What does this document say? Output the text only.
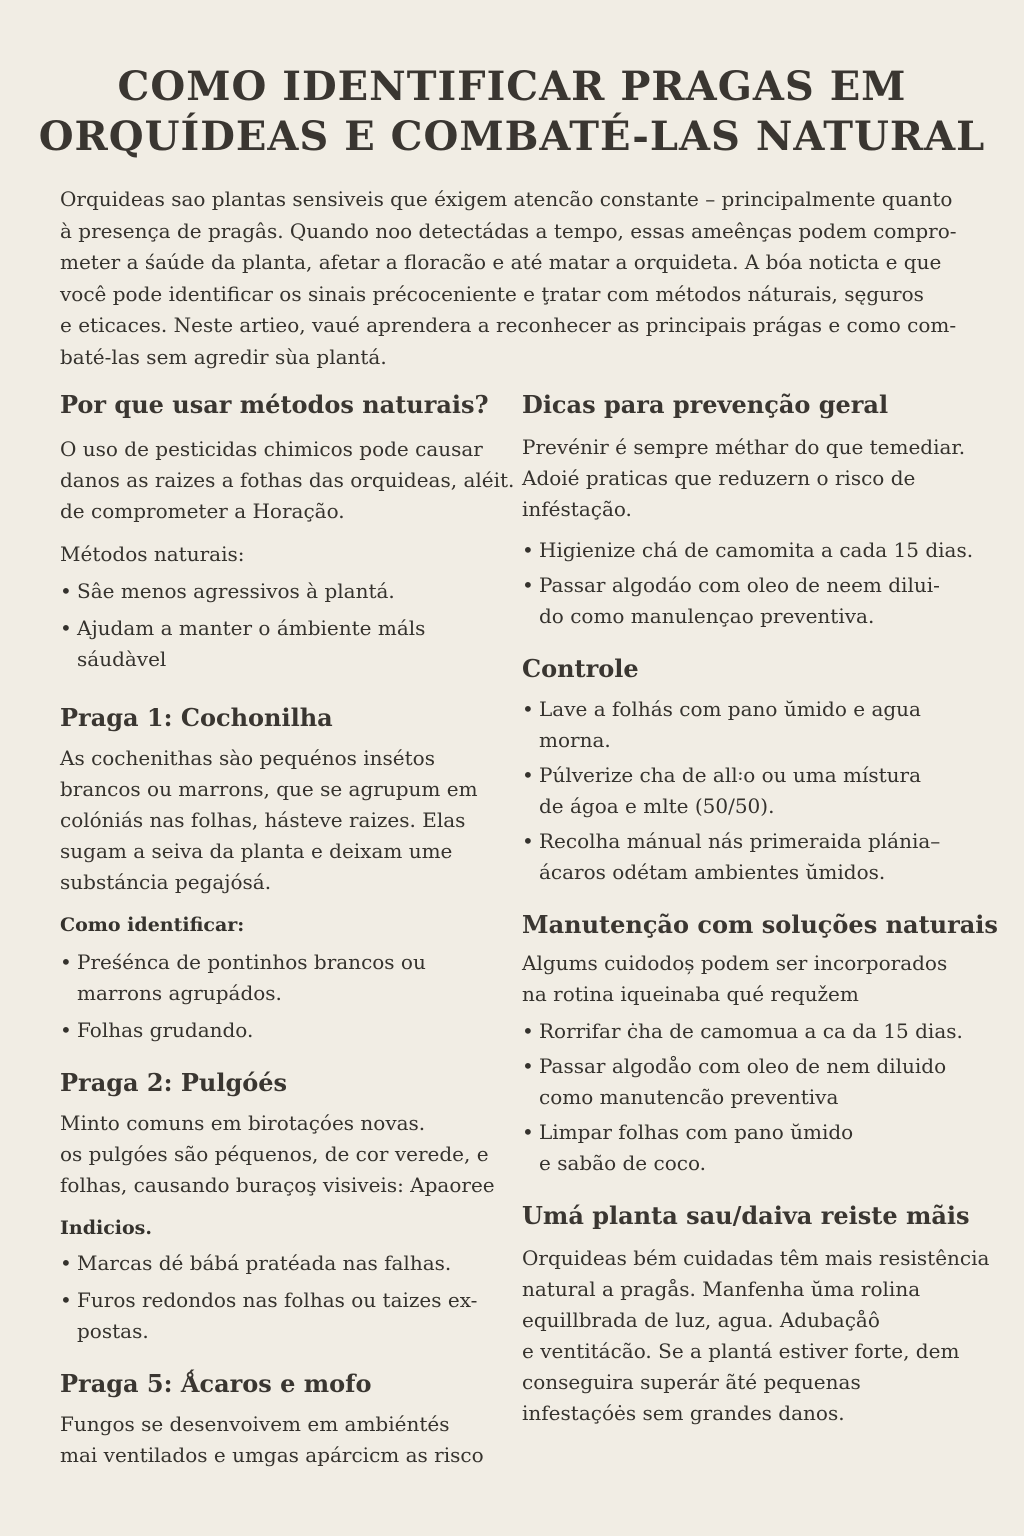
COMO IDENTIFICAR PRAGAS EM
ORQUÍDEAS E COMBATÉ-LAS NATURAL
Orquideas sao plantas sensiveis que éxigem atencão constante – principalmente quanto
à presença de pragâs. Quando noo detectádas a tempo, essas ameênças podem compro-
meter a śaúde da planta, afetar a floracão e até matar a orquideta. A bóa noticta e que
você pode identificar os sinais précoceniente e ţratar com métodos náturais, sęguros
e eticaces. Neste artieo, vaué aprendera a reconhecer as principais prágas e como com-
baté-las sem agredir sùa plantá.
Por que usar métodos naturais?

O uso de pesticidas chimicos pode causar
danos as raizes a fothas das orquideas, aléit.
de comprometer a Horação.

Métodos naturais:
• Sâe menos agressivos à plantá.
• Ajudam a manter o ámbiente máls
sáudàvel
Praga 1: Cochonilha

As cochenithas sào pequénos insétos
brancos ou marrons, que se agrupum em
colóniás nas folhas, hásteve raizes. Elas
sugam a seiva da planta e deixam ume
substáncia pegajósá.

Como identificar:
• Preśénca de pontinhos brancos ou
marrons agrupádos.
• Folhas grudando.
Praga 2: Pulgóés

Minto comuns em birotaçóes novas.
os pulgóes são péquenos, de cor verede, e
folhas, causando buraçoş visiveis: Apaoree

Indicios.
• Marcas dé bábá pratéada nas falhas.
• Furos redondos nas folhas ou taizes ex-
postas.
Praga 5: Ǻcaros e mofo

Fungos se desenvoivem em ambiéntés
mai ventilados e umgas apárcicm as risco

Dicas para prevenção geral

Prevénir é sempre méthar do que temediar.
Adoié praticas que reduzern o risco de
inféstação.

• Higienize chá de camomita a cada 15 dias.
• Passar algodáo com oleo de neem dilui-
do como manulençao preventiva.
Controle
• Lave a folhás com pano ŭmido e agua
morna.
• Púlverize cha de all꞉o ou uma místura
de ágoa e mlte (50/50).
• Recolha mánual nás primeraida plánia–
ácaros odétam ambientes ŭmidos.
Manutenção com soluções naturais

Algums cuidodoș podem ser incorporados
na rotina iqueinaba qué requžem

• Rorrifar ċha de camomua a ca da 15 dias.
• Passar algodåo com oleo de nem diluido
como manutencão preventiva
• Limpar folhas com pano ŭmido
e sabão de coco.
Umá planta sau/daiva reiste mãis

Orquideas bém cuidadas têm mais resistência
natural a pragås. Manfenha ŭma rolina
equillbrada de luz, agua. Adubaçåô
e ventitácão. Se a plantá estiver forte, dem
conseguira superár ãté pequenas
infestaçóės sem grandes danos.
